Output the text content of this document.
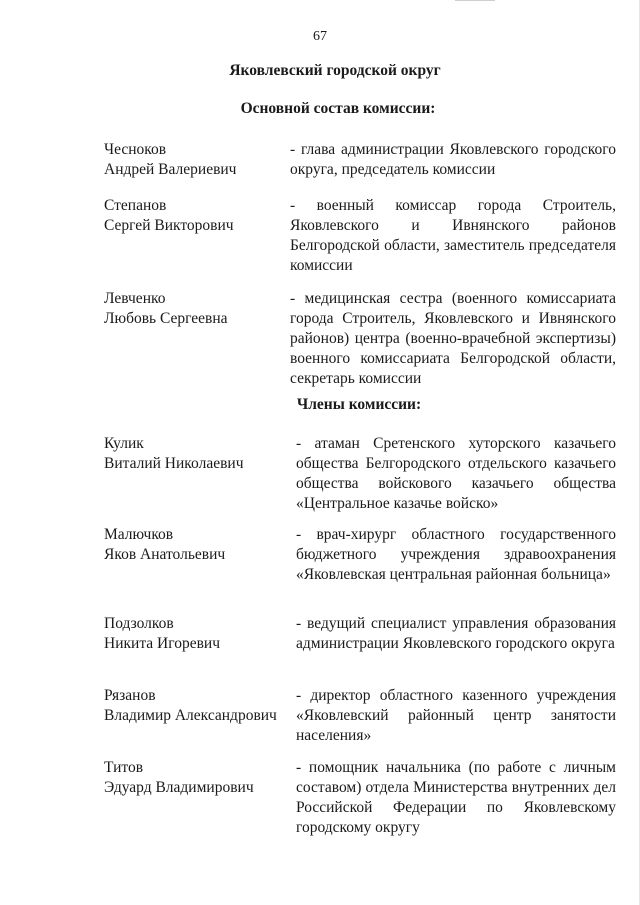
67
Яковлевский городской округ
Основной состав комиссии:
Чесноков
Андрей Валериевич
- глава администрации Яковлевского городского округа, председатель комиссии
Степанов
Сергей Викторович
- военный комиссар города Строитель, Яковлевского и Ивнянского районов Белгородской области, заместитель председателя комиссии
Левченко
Любовь Сергеевна
- медицинская сестра (военного комиссариата города Строитель, Яковлевского и Ивнянского районов) центра (военно-врачебной экспертизы) военного комиссариата Белгородской области, секретарь комиссии
Члены комиссии:
Кулик
Виталий Николаевич
- атаман Сретенского хуторского казачьего общества Белгородского отдельского казачьего общества войскового казачьего общества «Центральное казачье войско»
Малючков
Яков Анатольевич
- врач-хирург областного государственного бюджетного учреждения здравоохранения «Яковлевская центральная районная больница»
Подзолков
Никита Игоревич
- ведущий специалист управления образования администрации Яковлевского городского округа
Рязанов
Владимир Александрович
- директор областного казенного учреждения «Яковлевский районный центр занятости населения»
Титов
Эдуард Владимирович
- помощник начальника (по работе с личным составом) отдела Министерства внутренних дел Российской Федерации по Яковлевскому городскому округу
